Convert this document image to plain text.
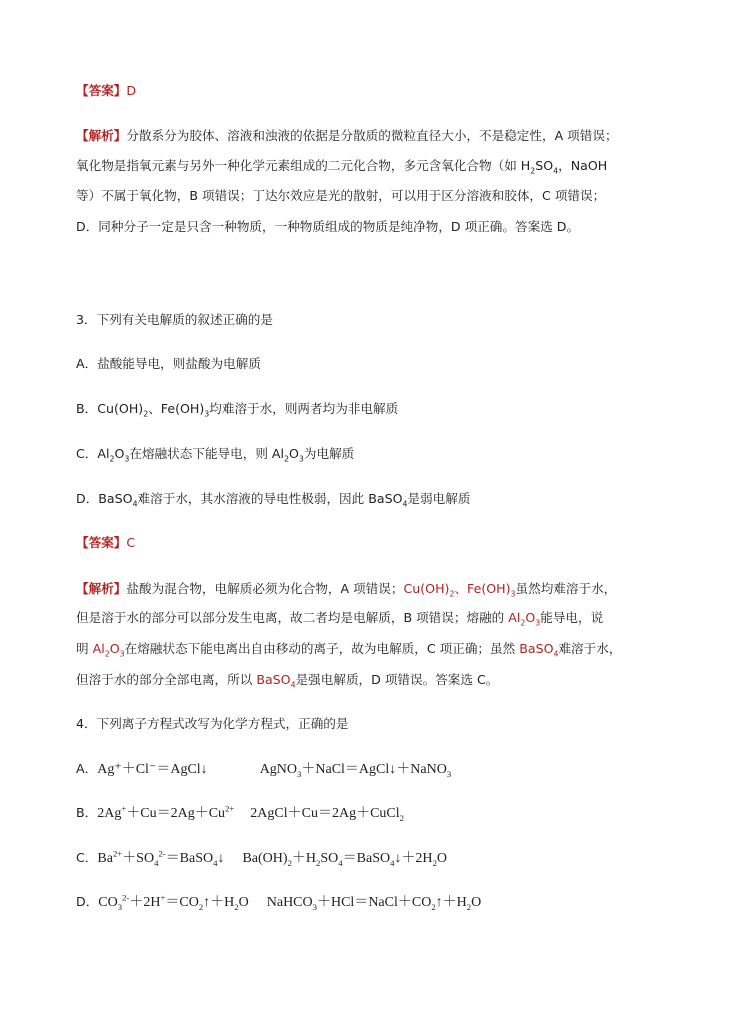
【答案】D
【解析】分散系分为胶体、溶液和浊液的依据是分散质的微粒直径大小，不是稳定性，A 项错误；
氧化物是指氧元素与另外一种化学元素组成的二元化合物，多元含氧化合物（如 $H_2SO_4$，NaOH
等）不属于氧化物，B 项错误；丁达尔效应是光的散射，可以用于区分溶液和胶体，C 项错误；
D．同种分子一定是只含一种物质，一种物质组成的物质是纯净物，D 项正确。答案选 D。
3．下列有关电解质的叙述正确的是
A．盐酸能导电，则盐酸为电解质
B．$Cu(OH)_2$、$Fe(OH)_3$均难溶于水，则两者均为非电解质
C．$Al_2O_3$在熔融状态下能导电，则 $Al_2O_3$为电解质
D．BaSO$_4$难溶于水，其水溶液的导电性极弱，因此 BaSO$_4$是弱电解质
【答案】C
【解析】盐酸为混合物，电解质必须为化合物，A 项错误；$Cu(OH)_2$、$Fe(OH)_3$虽然均难溶于水，
但是溶于水的部分可以部分发生电离，故二者均是电解质，B 项错误；熔融的 $Al_2O_3$能导电，说
明 $Al_2O_3$在熔融状态下能电离出自由移动的离子，故为电解质，C 项正确；虽然 BaSO$_4$难溶于水，
但溶于水的部分全部电离，所以 BaSO$_4$是强电解质，D 项错误。答案选 C。
4．下列离子方程式改写为化学方程式，正确的是
A．Ag⁺＋Cl⁻＝AgCl↓	AgNO$_3$＋NaCl＝AgCl↓＋NaNO$_3$
B．$2Ag^++Cu=2Ag+Cu^{2+}$ 2AgCl＋Cu＝2Ag＋CuCl$_2$
C．$Ba^{2+}+SO_4^{2-}=BaSO_4↓$ $Ba(OH)_2+H_2SO_4=BaSO_4↓+2H_2O$
D．$CO_3^{2-}+2H^+=CO_2↑+H_2O$ $NaHCO_3+HCl=NaCl+CO_2↑+H_2O$
